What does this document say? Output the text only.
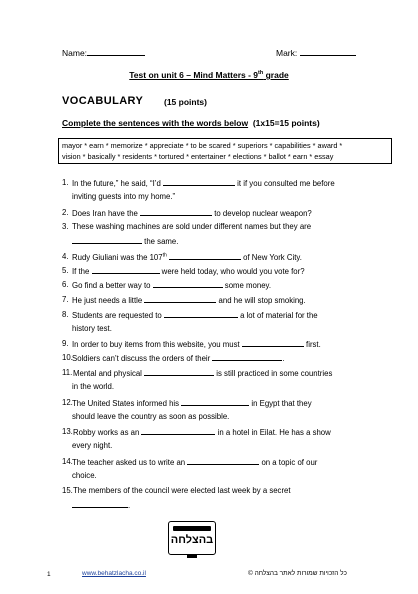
Name:	Mark:
Test on unit 6 – Mind Matters - 9th grade
VOCABULARY (15 points)
Complete the sentences with the words below (1x15=15 points)
mayor * earn * memorize * appreciate * to be scared * superiors * capabilities * award *
vision * basically * residents * tortured * entertainer * elections * ballot * earn * essay
1. In the future,” he said, “I’d	it if you consulted me before
inviting guests into my home.”
2. Does Iran have the	to develop nuclear weapon?
3. These washing machines are sold under different names but they are
the same.
4. Rudy Giuliani was the 107th	of New York City.
5. If the	were held today, who would you vote for?
6. Go find a better way to	some money.
7. He just needs a little	and he will stop smoking.
8. Students are requested to	a lot of material for the
history test.
9. In order to buy items from this website, you must	first.
10. Soldiers can’t discuss the orders of their	.
11. Mental and physical	is still practiced in some countries
in the world.
12. The United States informed his	in Egypt that they
should leave the country as soon as possible.
13. Robby works as an	in a hotel in Eilat. He has a show
every night.
14. The teacher asked us to write an	on a topic of our
choice.
15. The members of the council were elected last week by a secret
.
בהצלחה
1	www.behatzlacha.co.il	כל הזכויות שמורות לאתר בהצלחה ©
